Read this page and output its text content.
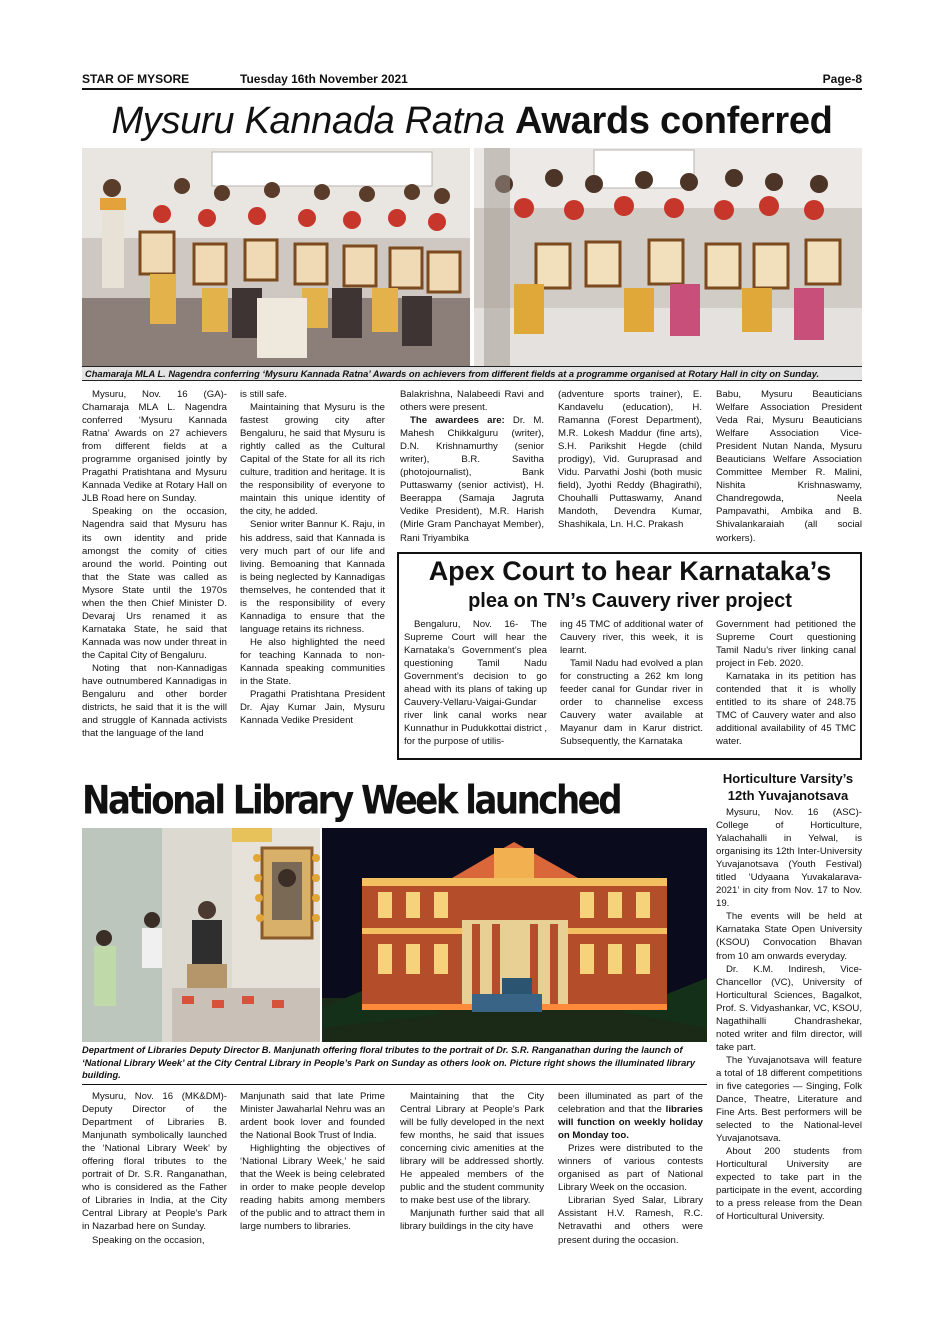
STAR OF MYSORE	Tuesday 16th November 2021	Page-8
Mysuru Kannada Ratna Awards conferred
Chamaraja MLA L. Nagendra conferring ‘Mysuru Kannada Ratna’ Awards on achievers from different fields at a programme organised at Rotary Hall in city on Sunday.

Mysuru, Nov. 16 (GA)- Chamaraja MLA L. Nagendra conferred ‘Mysuru Kannada Ratna’ Awards on 27 achievers from different fields at a programme organised jointly by Pragathi Pratishtana and Mysuru Kannada Vedike at Rotary Hall on JLB Road here on Sunday.

Speaking on the occasion, Nagendra said that Mysuru has its own identity and pride amongst the comity of cities around the world. Pointing out that the State was called as Mysore State until the 1970s when the then Chief Minister D. Devaraj Urs renamed it as Karnataka State, he said that Kannada was now under threat in the Capital City of Bengaluru.

Noting that non-Kannadigas have outnumbered Kannadigas in Bengaluru and other border districts, he said that it is the will and struggle of Kannada activists that the language of the land

is still safe.

Maintaining that Mysuru is the fastest growing city after Bengaluru, he said that Mysuru is rightly called as the Cultural Capital of the State for all its rich culture, tradition and heritage. It is the responsibility of everyone to maintain this unique identity of the city, he added.

Senior writer Bannur K. Raju, in his address, said that Kannada is very much part of our life and living. Bemoaning that Kannada is being neglected by Kannadigas themselves, he contended that it is the responsibility of every Kannadiga to ensure that the language retains its richness.

He also highlighted the need for teaching Kannada to non-Kannada speaking communities in the State.

Pragathi Pratishtana President Dr. Ajay Kumar Jain, Mysuru Kannada Vedike President

Balakrishna, Nalabeedi Ravi and others were present.

The awardees are: Dr. M. Mahesh Chikkalguru (writer), D.N. Krishnamurthy (senior writer), B.R. Savitha (photojournalist), Bank Puttaswamy (senior activist), H. Beerappa (Samaja Jagruta Vedike President), M.R. Harish (Mirle Gram Panchayat Member), Rani Triyambika

(adventure sports trainer), E. Kandavelu (education), H. Ramanna (Forest Department), M.R. Lokesh Maddur (fine arts), S.H. Parikshit Hegde (child prodigy), Vid. Guruprasad and Vidu. Parvathi Joshi (both music field), Jyothi Reddy (Bhagirathi), Chouhalli Puttaswamy, Anand Mandoth, Devendra Kumar, Shashikala, Ln. H.C. Prakash

Babu, Mysuru Beauticians Welfare Association President Veda Rai, Mysuru Beauticians Welfare Association Vice-President Nutan Nanda, Mysuru Beauticians Welfare Association Committee Member R. Malini, Nishita Krishnaswamy, Chandregowda, Neela Pampavathi, Ambika and B. Shivalankaraiah (all social workers).

Apex Court to hear Karnataka’s
plea on TN’s Cauvery river project

Bengaluru, Nov. 16- The Supreme Court will hear the Karnataka’s Government’s plea questioning Tamil Nadu Government’s decision to go ahead with its plans of taking up Cauvery-Vellaru-Vaigai-Gundar river link canal works near Kunnathur in Pudukkottai district , for the purpose of utilis-

ing 45 TMC of additional water of Cauvery river, this week, it is learnt.

Tamil Nadu had evolved a plan for constructing a 262 km long feeder canal for Gundar river in order to channelise excess Cauvery water available at Mayanur dam in Karur district. Subsequently, the Karnataka

Government had petitioned the Supreme Court questioning Tamil Nadu’s river linking canal project in Feb. 2020.

Karnataka in its petition has contended that it is wholly entitled to its share of 248.75 TMC of Cauvery water and also additional availability of 45 TMC water.

National Library Week launched
Department of Libraries Deputy Director B. Manjunath offering floral tributes to the portrait of Dr. S.R. Ranganathan during the launch of ‘National Library Week’ at the City Central Library in People’s Park on Sunday as others look on. Picture right shows the illuminated library building.

Mysuru, Nov. 16 (MK&DM)- Deputy Director of the Department of Libraries B. Manjunath symbolically launched the ‘National Library Week’ by offering floral tributes to the portrait of Dr. S.R. Ranganathan, who is considered as the Father of Libraries in India, at the City Central Library at People’s Park in Nazarbad here on Sunday.

Speaking on the occasion,

Manjunath said that late Prime Minister Jawaharlal Nehru was an ardent book lover and founded the National Book Trust of India.

Highlighting the objectives of ‘National Library Week,’ he said that the Week is being celebrated in order to make people develop reading habits among members of the public and to attract them in large numbers to libraries.

Maintaining that the City Central Library at People’s Park will be fully developed in the next few months, he said that issues concerning civic amenities at the library will be addressed shortly. He appealed members of the public and the student community to make best use of the library.

Manjunath further said that all library buildings in the city have

been illuminated as part of the celebration and that the libraries will function on weekly holiday on Monday too.

Prizes were distributed to the winners of various contests organised as part of National Library Week on the occasion.

Librarian Syed Salar, Library Assistant H.V. Ramesh, R.C. Netravathi and others were present during the occasion.

Horticulture Varsity’s 12th Yuvajanotsava

Mysuru, Nov. 16 (ASC)- College of Horticulture, Yalachahalli in Yelwal, is organising its 12th Inter-University Yuvajanotsava (Youth Festival) titled ‘Udyaana Yuvakalarava-2021’ in city from Nov. 17 to Nov. 19.

The events will be held at Karnataka State Open University (KSOU) Convocation Bhavan from 10 am onwards everyday.

Dr. K.M. Indiresh, Vice-Chancellor (VC), University of Horticultural Sciences, Bagalkot, Prof. S. Vidyashankar, VC, KSOU, Nagathihalli Chandrashekar, noted writer and film director, will take part.

The Yuvajanotsava will feature a total of 18 different competitions in five categories — Singing, Folk Dance, Theatre, Literature and Fine Arts. Best performers will be selected to the National-level Yuvajanotsava.

About 200 students from Horticultural University are expected to take part in the participate in the event, according to a press release from the Dean of Horticultural University.
